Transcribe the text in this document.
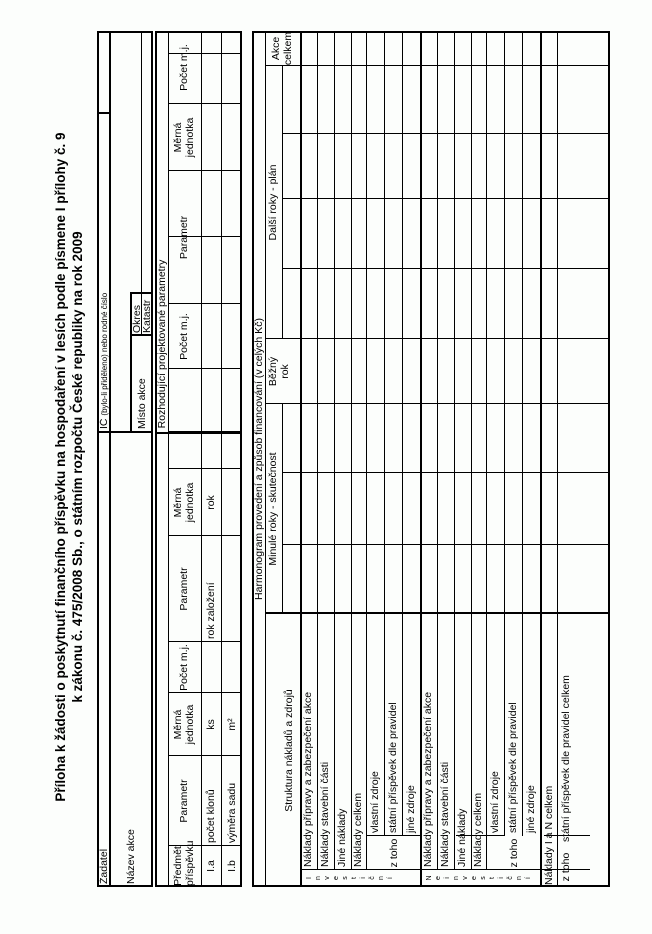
Příloha k žádosti o poskytnutí finančního příspěvku na hospodaření v lesích podle písmene I přílohy č. 9 k zákonu č. 475/2008 Sb., o státním rozpočtu České republiky na rok 2009
Žadatel
IČ (bylo-li přiděleno) nebo rodné číslo
Název akce
Místo akce
Okres
Katastr Rozhodující projektované parametry
Předmět
příspěvku
Parametr
Měrná
jednotka
Počet m.j.
I.a
počet klonů
ks
I.b
výměra sadu
m²
Parametr
Měrná
jednotka
Počet m.j.
rok založení
rok
Parametr
Měrná
jednotka
Počet m.j.
Harmonogram provedení a způsob financování (v celých Kč)
Struktura nákladů a zdrojů
Minulé roky - skutečnost
Běžný
rok
Další roky - plán
Akce
celkem
I n v e s t i č n í
Náklady přípravy a zabezpečení akce Náklady stavební části Jiné náklady Náklady celkem z toho
vlastní zdroje státní příspěvek dle pravidel jiné zdroje
N e i n v e s t i č n í
Náklady přípravy a zabezpečení akce Náklady stavební části Jiné náklady Náklady celkem z toho
vlastní zdroje státní příspěvek dle pravidel jiné zdroje Náklady I a N celkem z toho
státní příspěvek dle pravidel celkem
